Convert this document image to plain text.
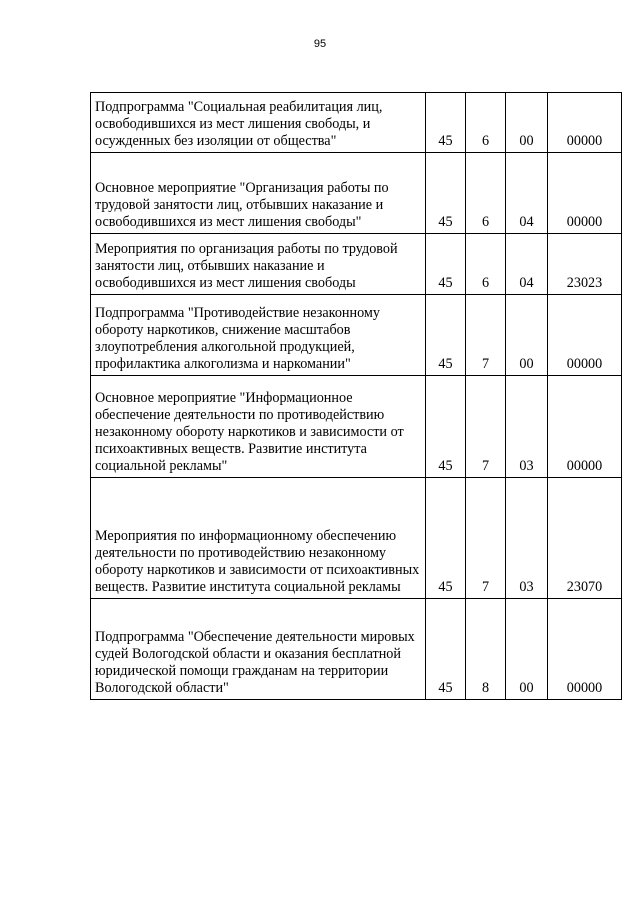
95
Подпрограмма "Социальная реабилитация лиц, освободившихся из мест лишения свободы, и осужденных без изоляции от общества"	45	6	00	00000
Основное мероприятие "Организация работы по трудовой занятости лиц, отбывших наказание и освободившихся из мест лишения свободы"	45	6	04	00000
Мероприятия по организация работы по трудовой занятости лиц, отбывших наказание и освободившихся из мест лишения свободы	45	6	04	23023
Подпрограмма "Противодействие незаконному обороту наркотиков, снижение масштабов злоупотребления алкогольной продукцией, профилактика алкоголизма и наркомании"	45	7	00	00000
Основное мероприятие "Информационное обеспечение деятельности по противодействию незаконному обороту наркотиков и зависимости от психоактивных веществ. Развитие института социальной рекламы"	45	7	03	00000
Мероприятия по информационному обеспечению деятельности по противодействию незаконному обороту наркотиков и зависимости от психоактивных веществ. Развитие института социальной рекламы	45	7	03	23070
Подпрограмма "Обеспечение деятельности мировых судей Вологодской области и оказания бесплатной юридической помощи гражданам на территории Вологодской области"	45	8	00	00000
